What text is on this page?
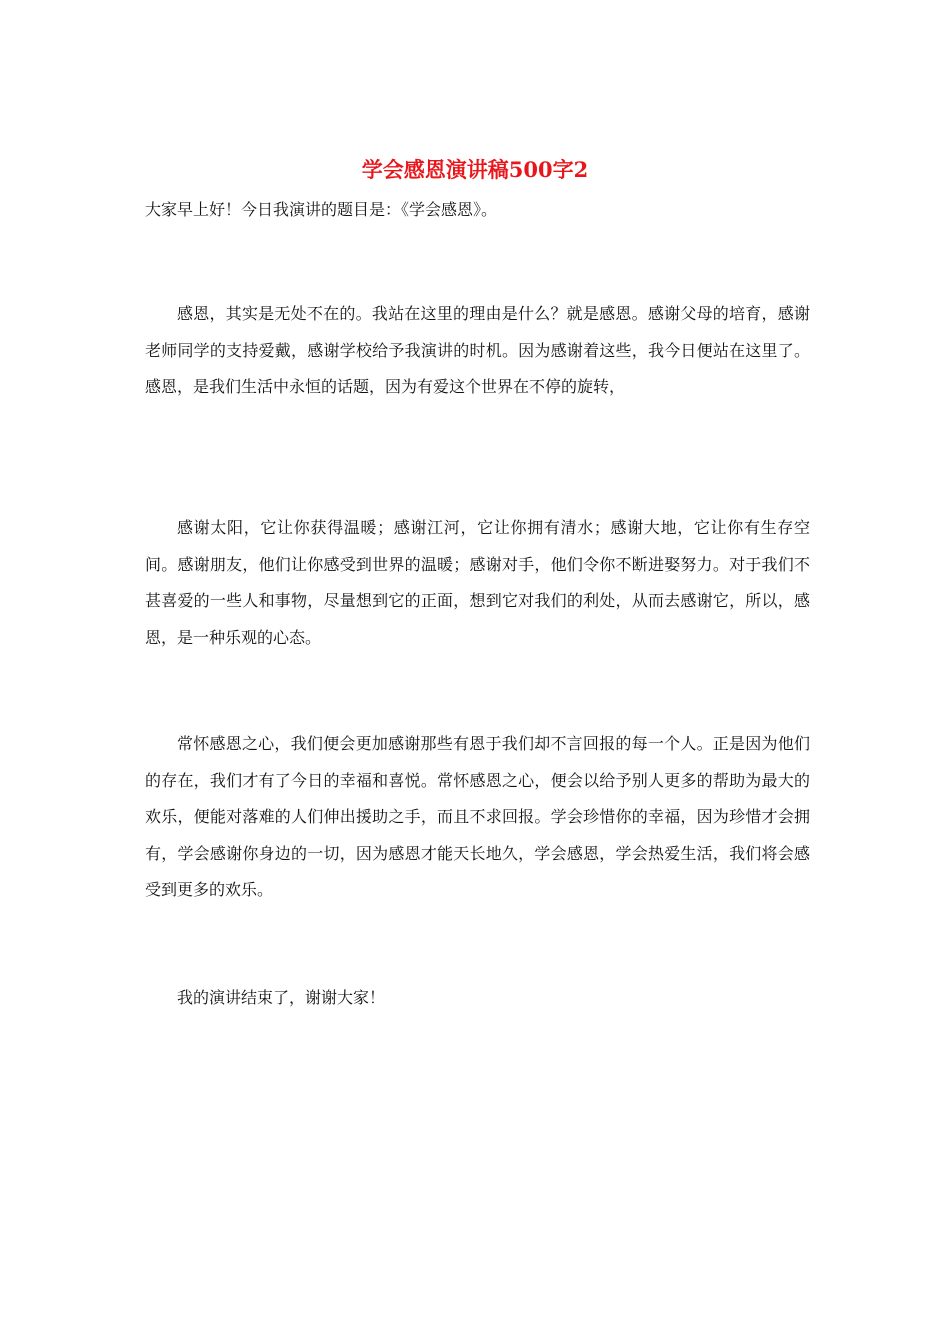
学会感恩演讲稿500字2

大家早上好！今日我演讲的题目是：《学会感恩》。

感恩，其实是无处不在的。我站在这里的理由是什么？就是感恩。感谢父母的培育，感谢老师同学的支持爱戴，感谢学校给予我演讲的时机。因为感谢着这些，我今日便站在这里了。感恩，是我们生活中永恒的话题，因为有爱这个世界在不停的旋转，

感谢太阳，它让你获得温暖；感谢江河，它让你拥有清水；感谢大地，它让你有生存空间。感谢朋友，他们让你感受到世界的温暖；感谢对手，他们令你不断进娶努力。对于我们不甚喜爱的一些人和事物，尽量想到它的正面，想到它对我们的利处，从而去感谢它，所以，感恩，是一种乐观的心态。

常怀感恩之心，我们便会更加感谢那些有恩于我们却不言回报的每一个人。正是因为他们的存在，我们才有了今日的幸福和喜悦。常怀感恩之心，便会以给予别人更多的帮助为最大的欢乐，便能对落难的人们伸出援助之手，而且不求回报。学会珍惜你的幸福，因为珍惜才会拥有，学会感谢你身边的一切，因为感恩才能天长地久，学会感恩，学会热爱生活，我们将会感受到更多的欢乐。

我的演讲结束了，谢谢大家！
